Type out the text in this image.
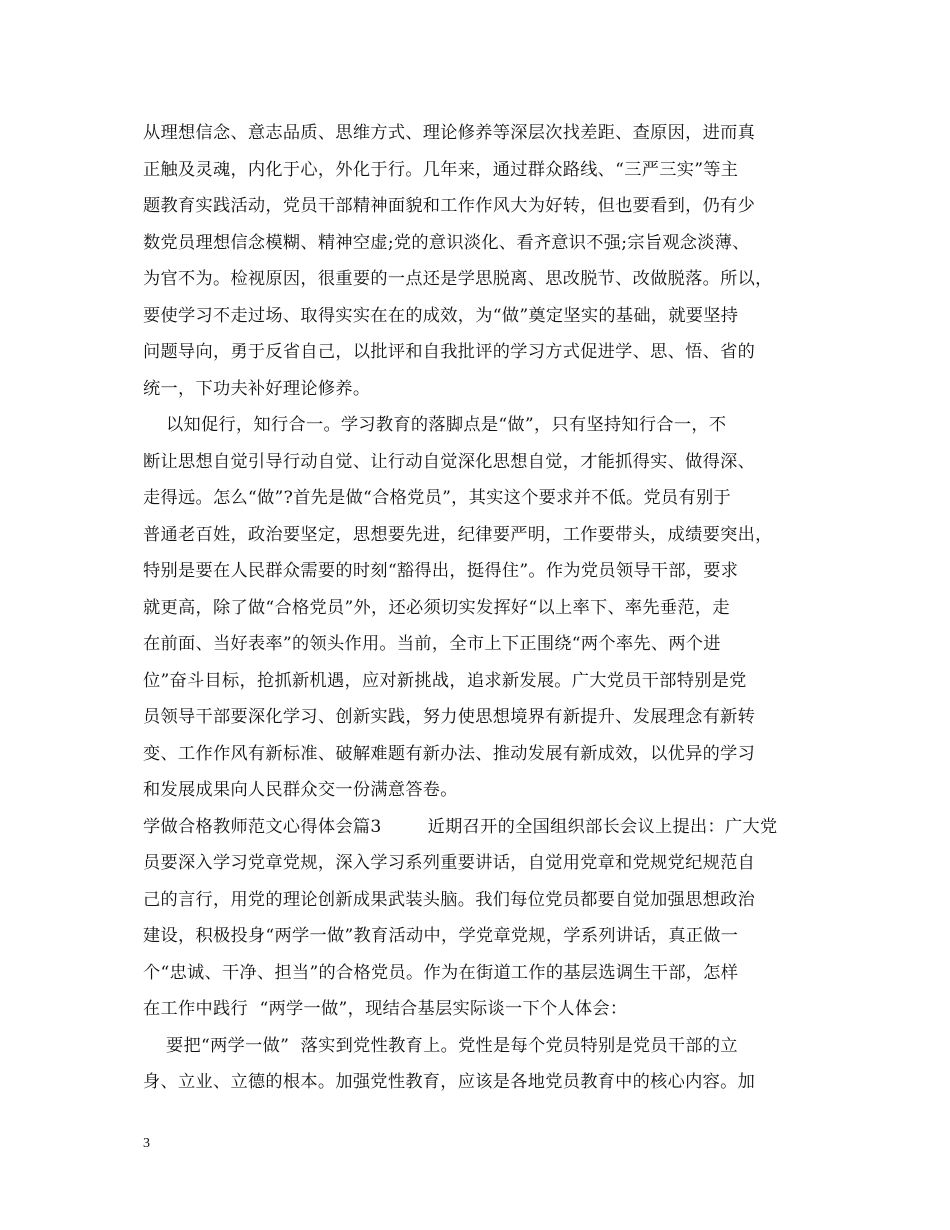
从理想信念、意志品质、思维方式、理论修养等深层次找差距、查原因，进而真
正触及灵魂，内化于心，外化于行。几年来，通过群众路线、“三严三实”等主
题教育实践活动，党员干部精神面貌和工作作风大为好转，但也要看到，仍有少
数党员理想信念模糊、精神空虚;党的意识淡化、看齐意识不强;宗旨观念淡薄、
为官不为。检视原因，很重要的一点还是学思脱离、思改脱节、改做脱落。所以，
要使学习不走过场、取得实实在在的成效，为“做”奠定坚实的基础，就要坚持
问题导向，勇于反省自己，以批评和自我批评的学习方式促进学、思、悟、省的
统一，下功夫补好理论修养。
以知促行，知行合一。学习教育的落脚点是“做”，只有坚持知行合一，不
断让思想自觉引导行动自觉、让行动自觉深化思想自觉，才能抓得实、做得深、
走得远。怎么“做”?首先是做“合格党员”，其实这个要求并不低。党员有别于
普通老百姓，政治要坚定，思想要先进，纪律要严明，工作要带头，成绩要突出，
特别是要在人民群众需要的时刻“豁得出，挺得住”。作为党员领导干部，要求
就更高，除了做“合格党员”外，还必须切实发挥好“以上率下、率先垂范，走
在前面、当好表率”的领头作用。当前，全市上下正围绕“两个率先、两个进
位”奋斗目标，抢抓新机遇，应对新挑战，追求新发展。广大党员干部特别是党
员领导干部要深化学习、创新实践，努力使思想境界有新提升、发展理念有新转
变、工作作风有新标准、破解难题有新办法、推动发展有新成效，以优异的学习
和发展成果向人民群众交一份满意答卷。
学做合格教师范文心得体会篇3        近期召开的全国组织部长会议上提出：广大党
员要深入学习党章党规，深入学习系列重要讲话，自觉用党章和党规党纪规范自
己的言行，用党的理论创新成果武装头脑。我们每位党员都要自觉加强思想政治
建设，积极投身“两学一做”教育活动中，学党章党规，学系列讲话，真正做一
个“忠诚、干净、担当”的合格党员。作为在街道工作的基层选调生干部，怎样
在工作中践行  “两学一做”，现结合基层实际谈一下个人体会：
要把“两学一做”  落实到党性教育上。党性是每个党员特别是党员干部的立
身、立业、立德的根本。加强党性教育，应该是各地党员教育中的核心内容。加
3
